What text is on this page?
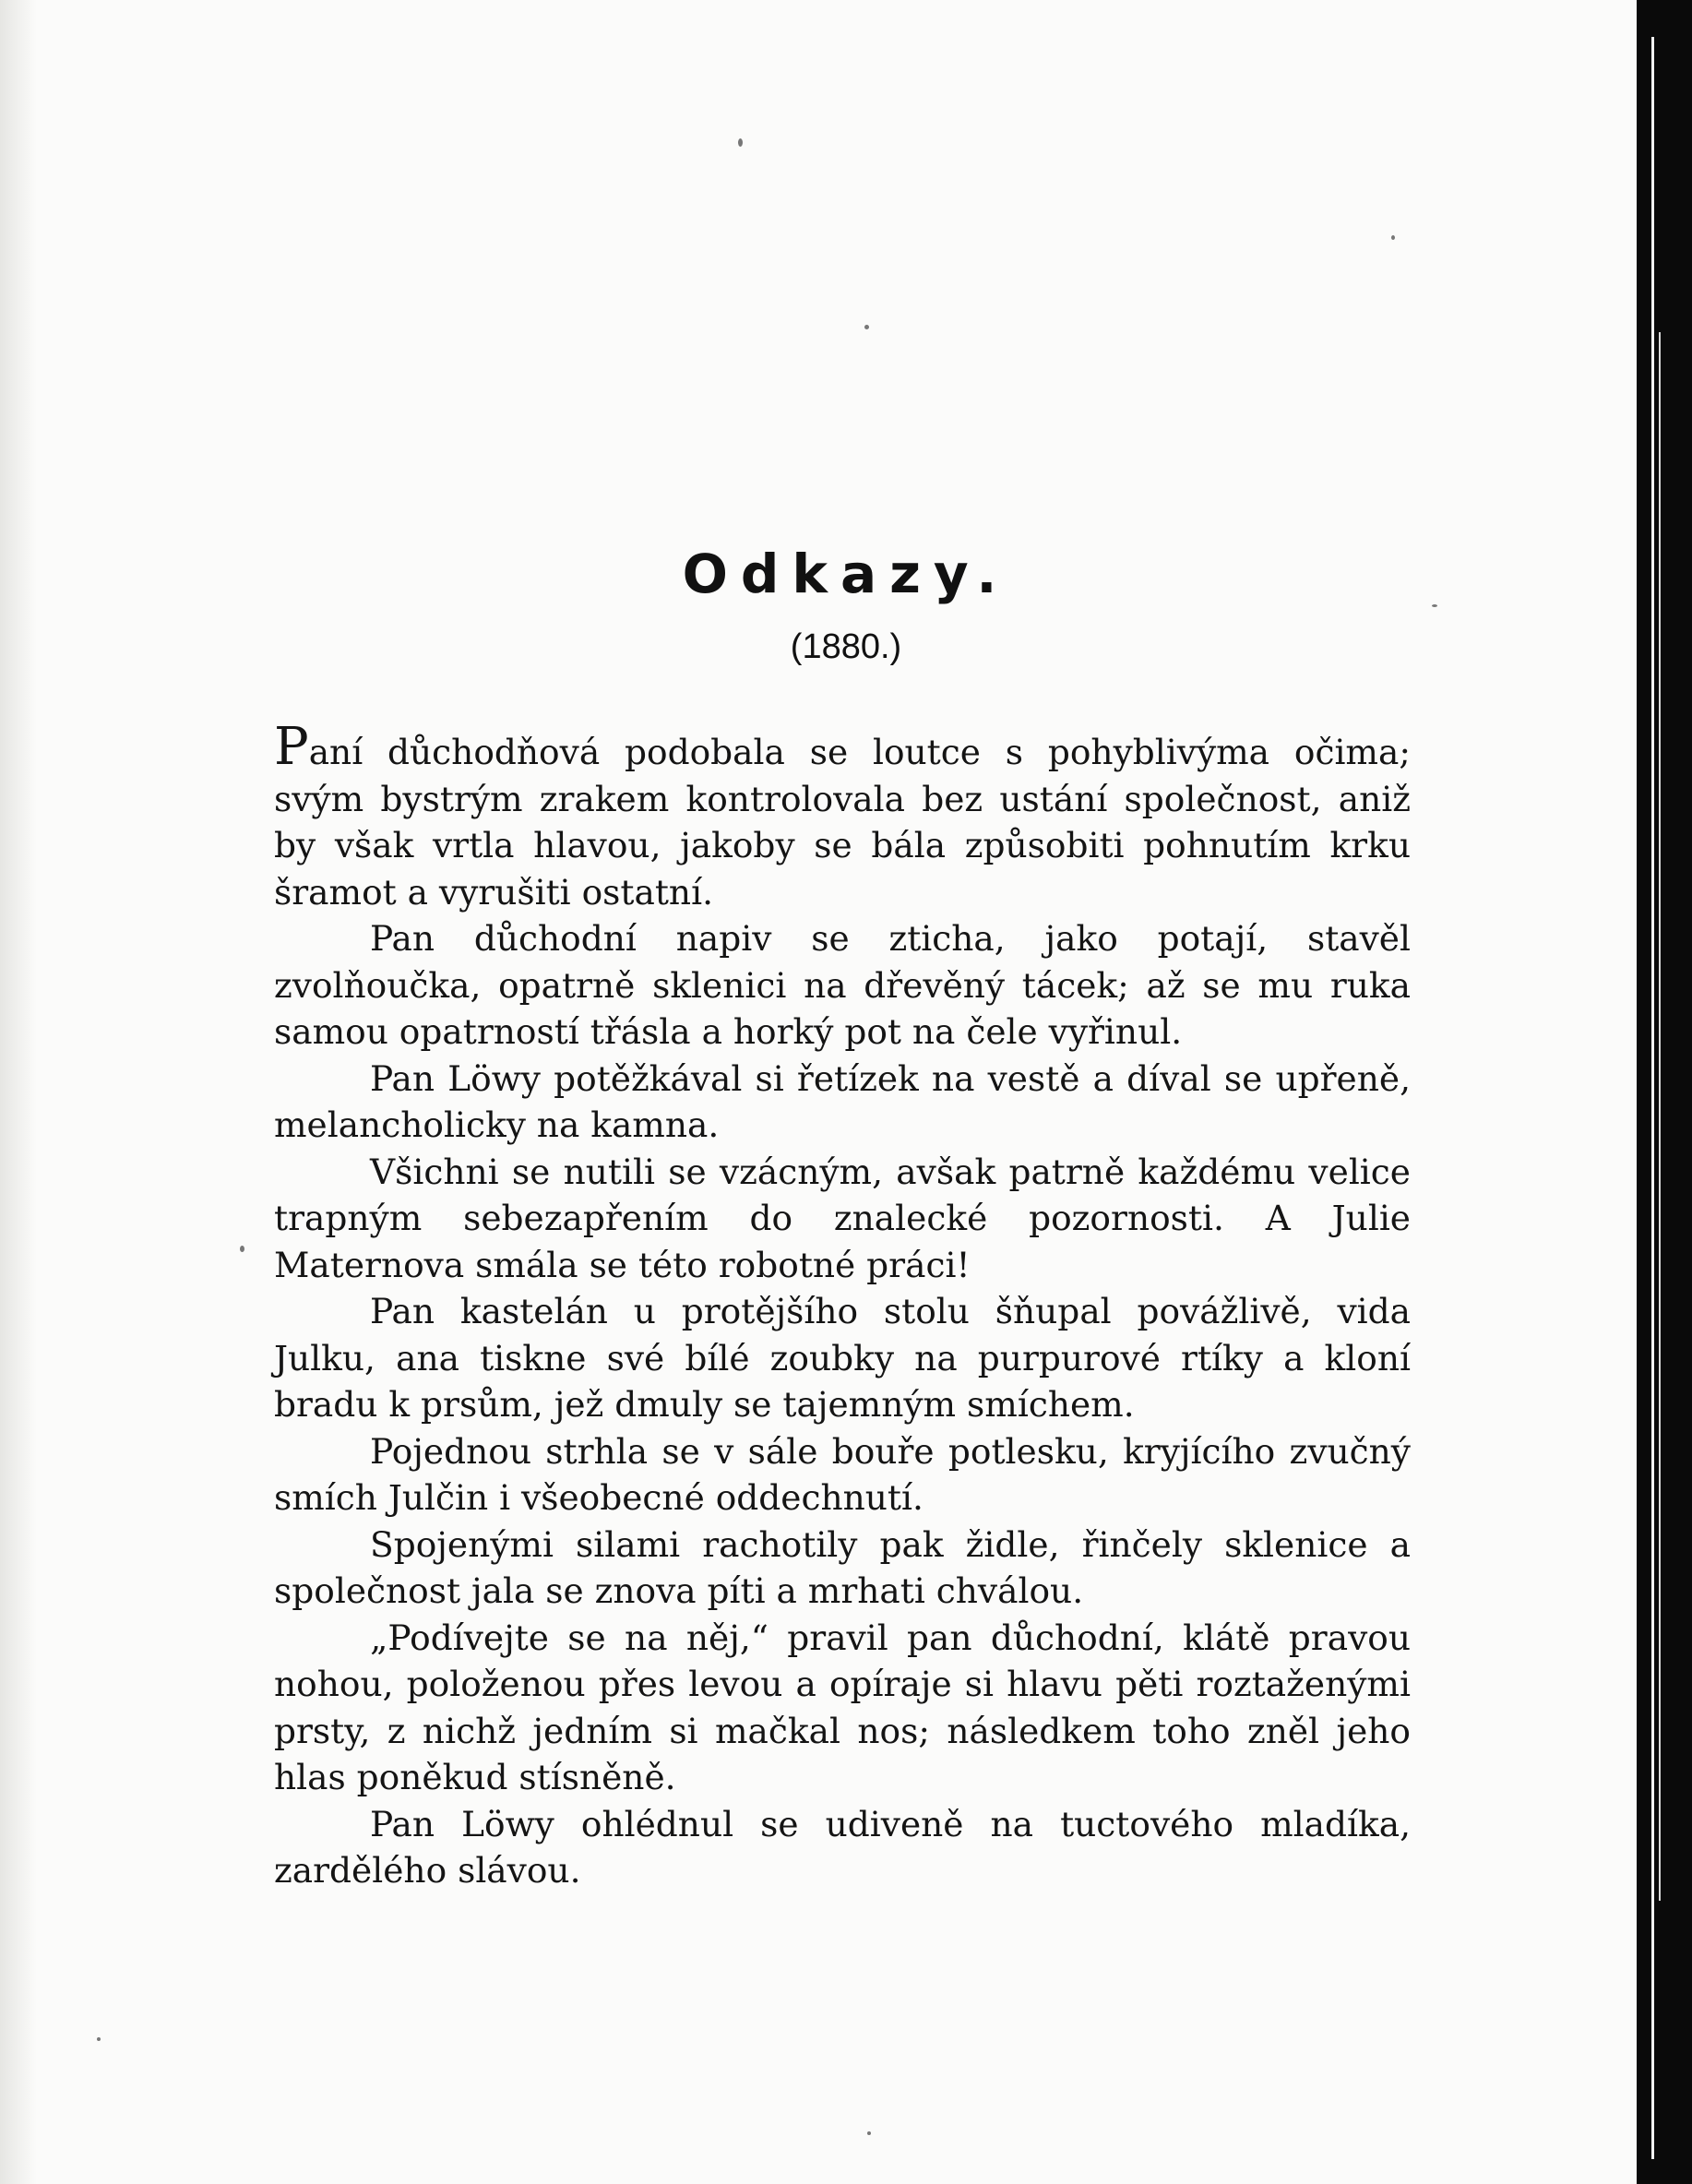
Odkazy.
(1880.)

Paní důchodňová podobala se loutce s pohyblivýma očima; svým bystrým zrakem kontrolovala bez ustání společnost, aniž by však vrtla hlavou, jakoby se bála způsobiti pohnutím krku šramot a vyrušiti ostatní.

Pan důchodní napiv se zticha, jako potají, stavěl zvolňoučka, opatrně sklenici na dřevěný tácek; až se mu ruka samou opatrností třásla a horký pot na čele vyřinul.

Pan Löwy potěžkával si řetízek na vestě a díval se upřeně, melancholicky na kamna.

Všichni se nutili se vzácným, avšak patrně každému velice trapným sebezapřením do znalecké pozornosti. A Julie Maternova smála se této robotné práci!

Pan kastelán u protějšího stolu šňupal povážlivě, vida Julku, ana tiskne své bílé zoubky na purpurové rtíky a kloní bradu k prsům, jež dmuly se tajemným smíchem.

Pojednou strhla se v sále bouře potlesku, kryjícího zvučný smích Julčin i všeobecné oddechnutí.

Spojenými silami rachotily pak židle, řinčely sklenice a společnost jala se znova píti a mrhati chválou.

„Podívejte se na něj,“ pravil pan důchodní, klátě pravou nohou, položenou přes levou a opíraje si hlavu pěti roztaženými prsty, z nichž jedním si mačkal nos; následkem toho zněl jeho hlas poněkud stísněně.

Pan Löwy ohlédnul se udiveně na tuctového mladíka, zardělého slávou.
